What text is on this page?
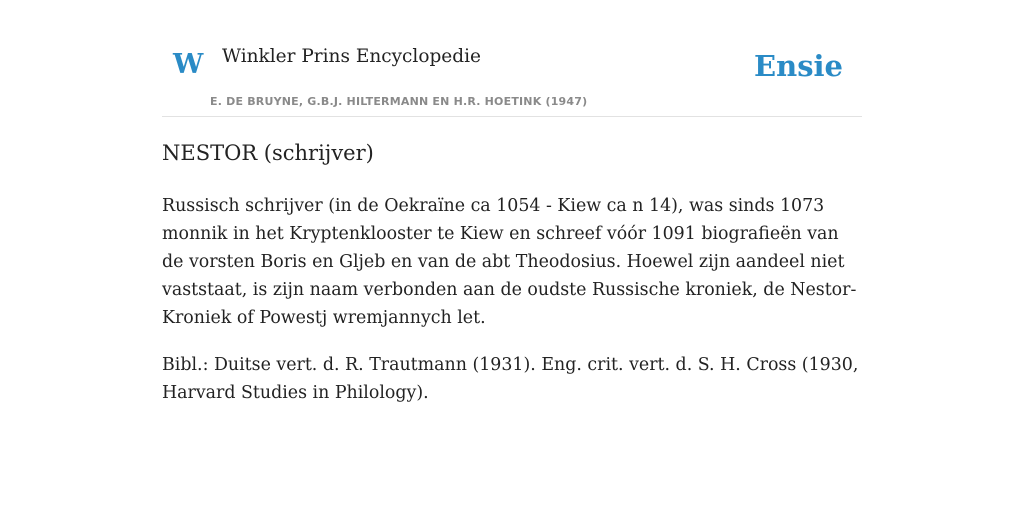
W Winkler Prins Encyclopedie
E. DE BRUYNE, G.B.J. HILTERMANN EN H.R. HOETINK (1947)
Ensie
NESTOR (schrijver)

Russisch schrijver (in de Oekraïne ca 1054 - Kiew ca n 14), was sinds 1073 monnik in het Kryptenklooster te Kiew en schreef vóór 1091 biografieën van de vorsten Boris en Gljeb en van de abt Theodosius. Hoewel zijn aandeel niet vaststaat, is zijn naam verbonden aan de oudste Russische kroniek, de Nestor-Kroniek of Powestj wremjannych let.

Bibl.: Duitse vert. d. R. Trautmann (1931). Eng. crit. vert. d. S. H. Cross (1930, Harvard Studies in Philology).
